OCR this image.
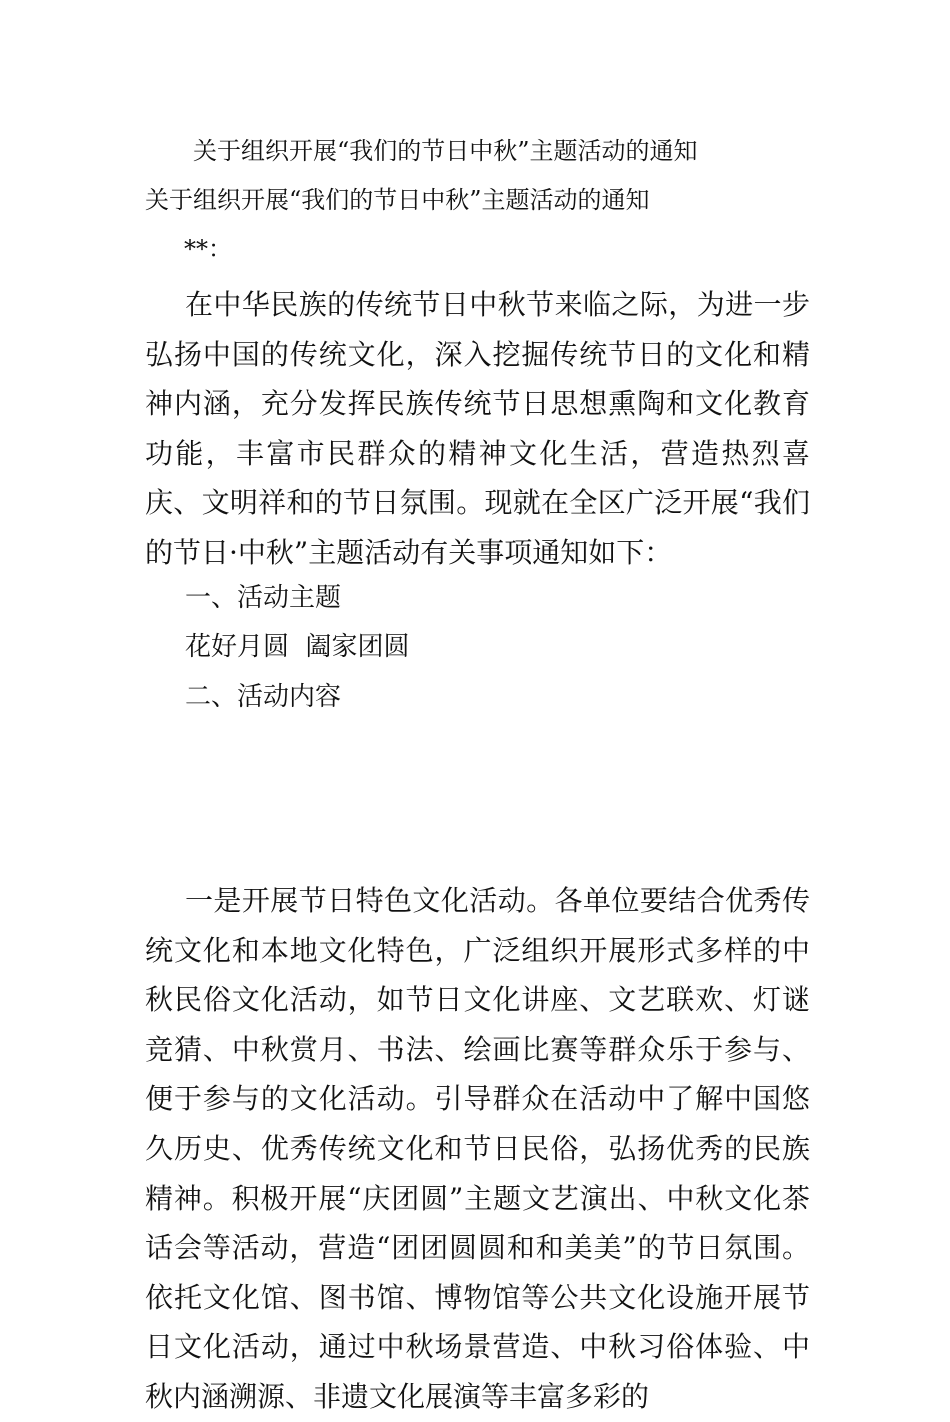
关于组织开展“我们的节日中秋”主题活动的通知
关于组织开展“我们的节日中秋”主题活动的通知
**：
在中华民族的传统节日中秋节来临之际，为进一步弘扬中国的传统文化，深入挖掘传统节日的文化和精神内涵，充分发挥民族传统节日思想熏陶和文化教育功能，丰富市民群众的精神文化生活，营造热烈喜庆、文明祥和的节日氛围。现就在全区广泛开展“我们的节日·中秋”主题活动有关事项通知如下：
一、活动主题
花好月圆  阖家团圆
二、活动内容
一是开展节日特色文化活动。各单位要结合优秀传统文化和本地文化特色，广泛组织开展形式多样的中秋民俗文化活动，如节日文化讲座、文艺联欢、灯谜竞猜、中秋赏月、书法、绘画比赛等群众乐于参与、便于参与的文化活动。引导群众在活动中了解中国悠久历史、优秀传统文化和节日民俗，弘扬优秀的民族精神。积极开展“庆团圆”主题文艺演出、中秋文化茶话会等活动，营造“团团圆圆和和美美”的节日氛围。依托文化馆、图书馆、博物馆等公共文化设施开展节日文化活动，通过中秋场景营造、中秋习俗体验、中秋内涵溯源、非遗文化展演等丰富多彩的
